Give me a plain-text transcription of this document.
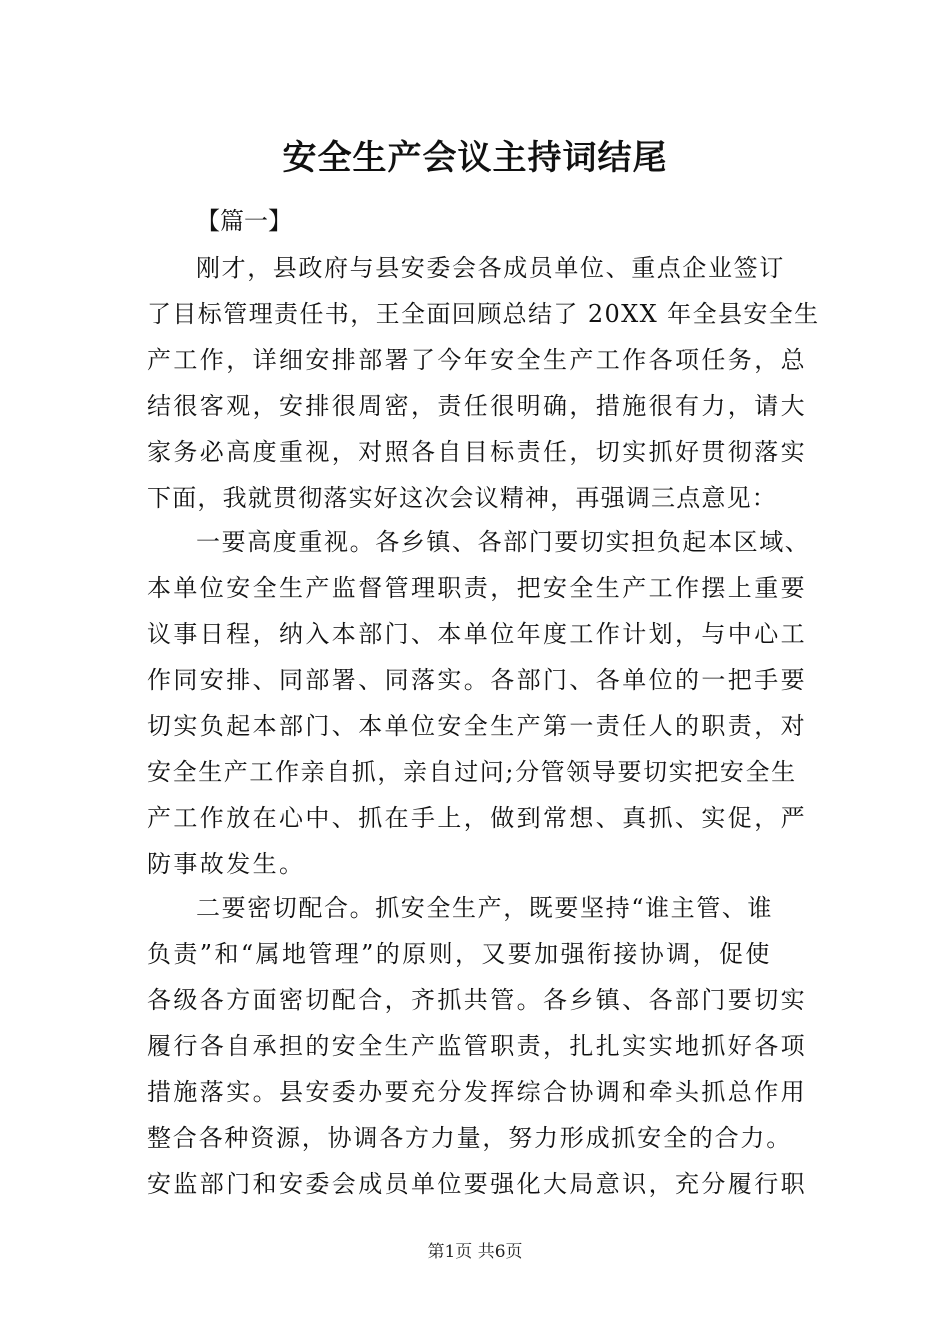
安全生产会议主持词结尾
【篇一】
刚才，县政府与县安委会各成员单位、重点企业签订
了目标管理责任书，王全面回顾总结了 20XX 年全县安全生
产工作，详细安排部署了今年安全生产工作各项任务，总
结很客观，安排很周密，责任很明确，措施很有力，请大
家务必高度重视，对照各自目标责任，切实抓好贯彻落实
下面，我就贯彻落实好这次会议精神，再强调三点意见：
一要高度重视。各乡镇、各部门要切实担负起本区域、
本单位安全生产监督管理职责，把安全生产工作摆上重要
议事日程，纳入本部门、本单位年度工作计划，与中心工
作同安排、同部署、同落实。各部门、各单位的一把手要
切实负起本部门、本单位安全生产第一责任人的职责，对
安全生产工作亲自抓，亲自过问;分管领导要切实把安全生
产工作放在心中、抓在手上，做到常想、真抓、实促，严
防事故发生。
二要密切配合。抓安全生产，既要坚持“谁主管、谁
负责”和“属地管理”的原则，又要加强衔接协调，促使
各级各方面密切配合，齐抓共管。各乡镇、各部门要切实
履行各自承担的安全生产监管职责，扎扎实实地抓好各项
措施落实。县安委办要充分发挥综合协调和牵头抓总作用
整合各种资源，协调各方力量，努力形成抓安全的合力。
安监部门和安委会成员单位要强化大局意识，充分履行职
第1页 共6页
